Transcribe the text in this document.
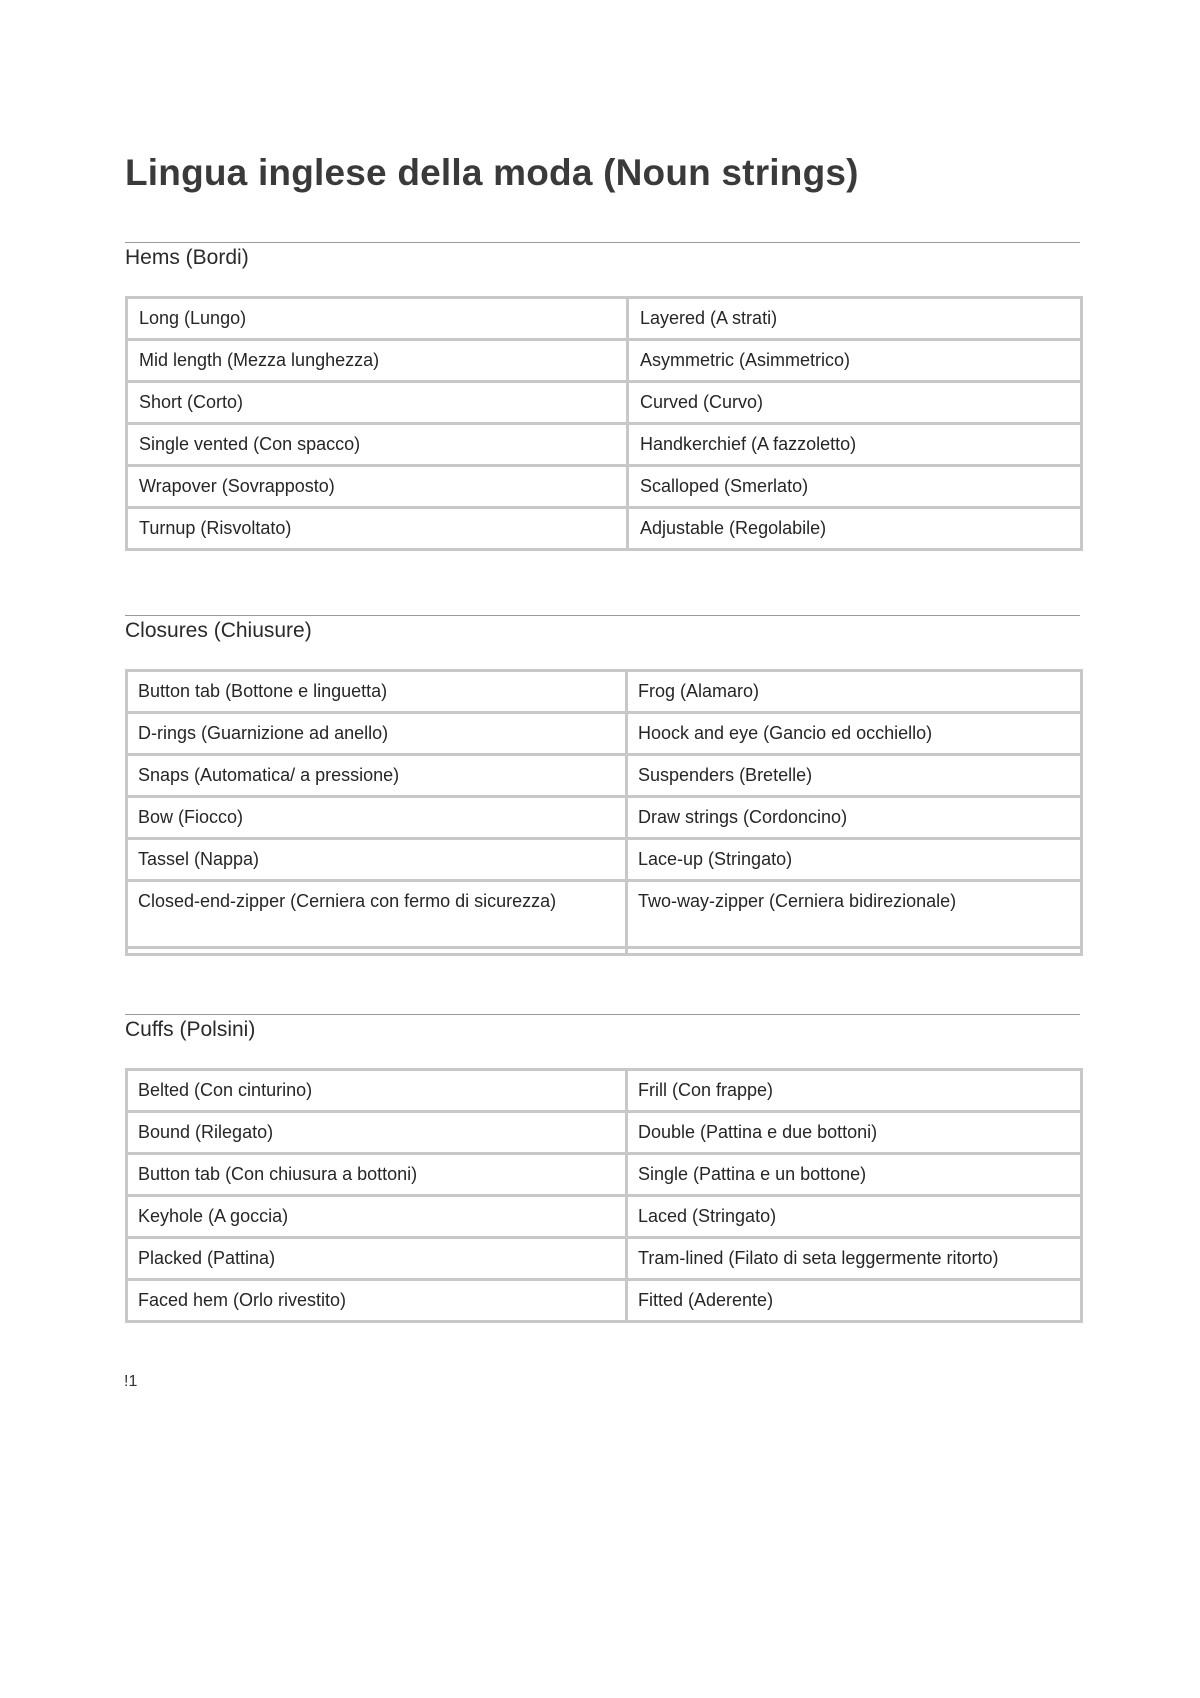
Lingua inglese della moda (Noun strings)
Hems (Bordi)
Long (Lungo)	Layered (A strati)
Mid length (Mezza lunghezza)	Asymmetric (Asimmetrico)
Short (Corto)	Curved (Curvo)
Single vented (Con spacco)	Handkerchief (A fazzoletto)
Wrapover (Sovrapposto)	Scalloped (Smerlato)
Turnup (Risvoltato)	Adjustable (Regolabile)
Closures (Chiusure)
Button tab (Bottone e linguetta)	Frog (Alamaro)
D-rings (Guarnizione ad anello)	Hoock and eye (Gancio ed occhiello)
Snaps (Automatica/ a pressione)	Suspenders (Bretelle)
Bow (Fiocco)	Draw strings (Cordoncino)
Tassel (Nappa)	Lace-up (Stringato)
Closed-end-zipper (Cerniera con fermo di sicurezza)	Two-way-zipper (Cerniera bidirezionale)

Cuffs (Polsini)
Belted (Con cinturino)	Frill (Con frappe)
Bound (Rilegato)	Double (Pattina e due bottoni)
Button tab (Con chiusura a bottoni)	Single (Pattina e un bottone)
Keyhole (A goccia)	Laced (Stringato)
Placked (Pattina)	Tram-lined (Filato di seta leggermente ritorto)
Faced hem (Orlo rivestito)	Fitted (Aderente)
!1
